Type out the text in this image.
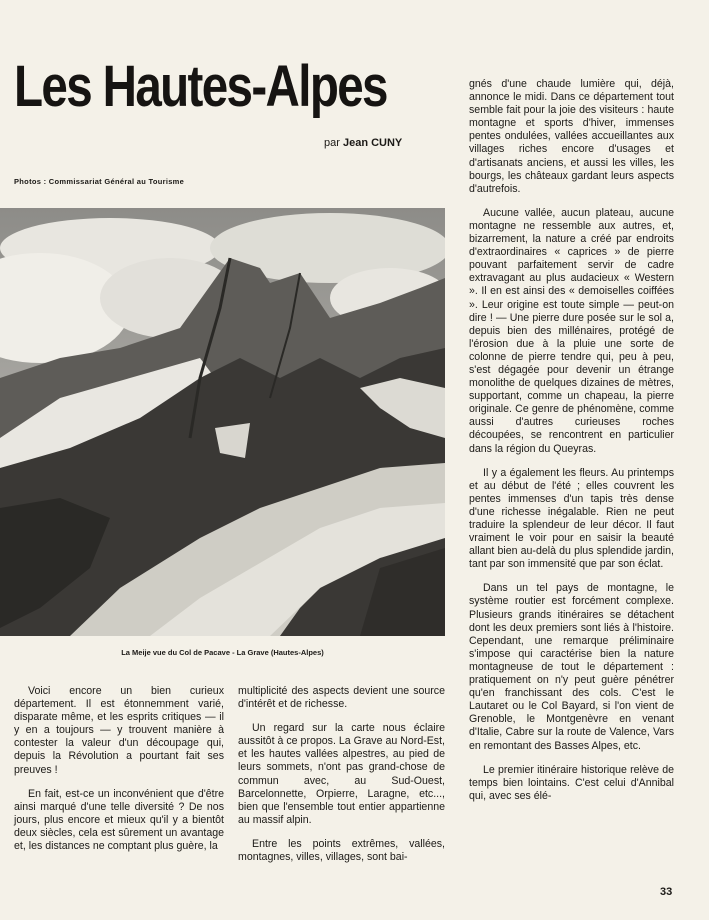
Les Hautes-Alpes
par Jean CUNY
Photos : Commissariat Général au Tourisme
La Meije vue du Col de Pacave - La Grave (Hautes-Alpes)

Voici encore un bien curieux département. Il est étonnemment varié, disparate même, et les esprits critiques — il y en a toujours — y trouvent manière à contester la valeur d'un découpage qui, depuis la Révolution a pourtant fait ses preuves !

En fait, est-ce un inconvénient que d'être ainsi marqué d'une telle diversité ? De nos jours, plus encore et mieux qu'il y a bientôt deux siècles, cela est sûrement un avantage et, les distances ne comptant plus guère, la

multiplicité des aspects devient une source d'intérêt et de richesse.

Un regard sur la carte nous éclaire aussitôt à ce propos. La Grave au Nord-Est, et les hautes vallées alpestres, au pied de leurs sommets, n'ont pas grand-chose de commun avec, au Sud-Ouest, Barcelonnette, Orpierre, Laragne, etc..., bien que l'ensemble tout entier appartienne au massif alpin.

Entre les points extrêmes, vallées, montagnes, villes, villages, sont bai-

gnés d'une chaude lumière qui, déjà, annonce le midi. Dans ce département tout semble fait pour la joie des visiteurs : haute montagne et sports d'hiver, immenses pentes ondulées, vallées accueillantes aux villages riches encore d'usages et d'artisanats anciens, et aussi les villes, les bourgs, les châteaux gardant leurs aspects d'autrefois.

Aucune vallée, aucun plateau, aucune montagne ne ressemble aux autres, et, bizarrement, la nature a créé par endroits d'extraordinaires « caprices » de pierre pouvant parfaitement servir de cadre extravagant au plus audacieux « Western ». Il en est ainsi des « demoiselles coiffées ». Leur origine est toute simple — peut-on dire ! — Une pierre dure posée sur le sol a, depuis bien des millénaires, protégé de l'érosion due à la pluie une sorte de colonne de pierre tendre qui, peu à peu, s'est dégagée pour devenir un étrange monolithe de quelques dizaines de mètres, supportant, comme un chapeau, la pierre originale. Ce genre de phénomène, comme aussi d'autres curieuses roches découpées, se rencontrent en particulier dans la région du Queyras.

Il y a également les fleurs. Au printemps et au début de l'été ; elles couvrent les pentes immenses d'un tapis très dense d'une richesse inégalable. Rien ne peut traduire la splendeur de leur décor. Il faut vraiment le voir pour en saisir la beauté allant bien au-delà du plus splendide jardin, tant par son immensité que par son éclat.

Dans un tel pays de montagne, le système routier est forcément complexe. Plusieurs grands itinéraires se détachent dont les deux premiers sont liés à l'histoire. Cependant, une remarque préliminaire s'impose qui caractérise bien la nature montagneuse de tout le département : pratiquement on n'y peut guère pénétrer qu'en franchissant des cols. C'est le Lautaret ou le Col Bayard, si l'on vient de Grenoble, le Montgenèvre en venant d'Italie, Cabre sur la route de Valence, Vars en remontant des Basses Alpes, etc.

Le premier itinéraire historique relève de temps bien lointains. C'est celui d'Annibal qui, avec ses élé-

33
